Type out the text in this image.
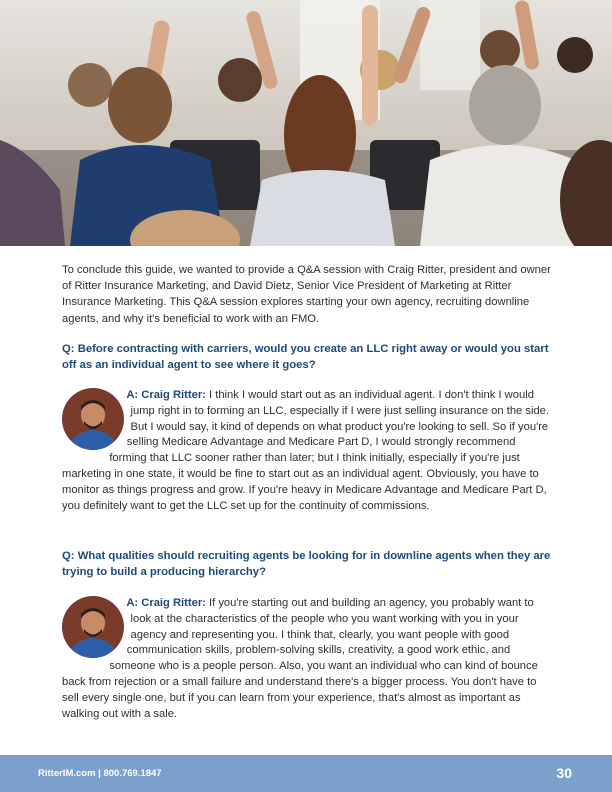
To conclude this guide, we wanted to provide a Q&A session with Craig Ritter, president and owner of Ritter Insurance Marketing, and David Dietz, Senior Vice President of Marketing at Ritter Insurance Marketing. This Q&A session explores starting your own agency, recruiting downline agents, and why it's beneficial to work with an FMO.

Q: Before contracting with carriers, would you create an LLC right away or would you start off as an individual agent to see where it goes?

A: Craig Ritter: I think I would start out as an individual agent. I don't think I would jump right in to forming an LLC, especially if I were just selling insurance on the side. But I would say, it kind of depends on what product you're looking to sell. So if you're selling Medicare Advantage and Medicare Part D, I would strongly recommend forming that LLC sooner rather than later; but I think initially, especially if you're just marketing in one state, it would be fine to start out as an individual agent. Obviously, you have to monitor as things progress and grow. If you're heavy in Medicare Advantage and Medicare Part D, you definitely want to get the LLC set up for the continuity of commissions.

Q: What qualities should recruiting agents be looking for in downline agents when they are trying to build a producing hierarchy?

A: Craig Ritter: If you're starting out and building an agency, you probably want to look at the characteristics of the people who you want working with you in your agency and representing you. I think that, clearly, you want people with good communication skills, problem-solving skills, creativity, a good work ethic, and someone who is a people person. Also, you want an individual who can kind of bounce back from rejection or a small failure and understand there's a bigger process. You don't have to sell every single one, but if you can learn from your experience, that's almost as important as walking out with a sale.
RitterIM.com | 800.769.1847	30
